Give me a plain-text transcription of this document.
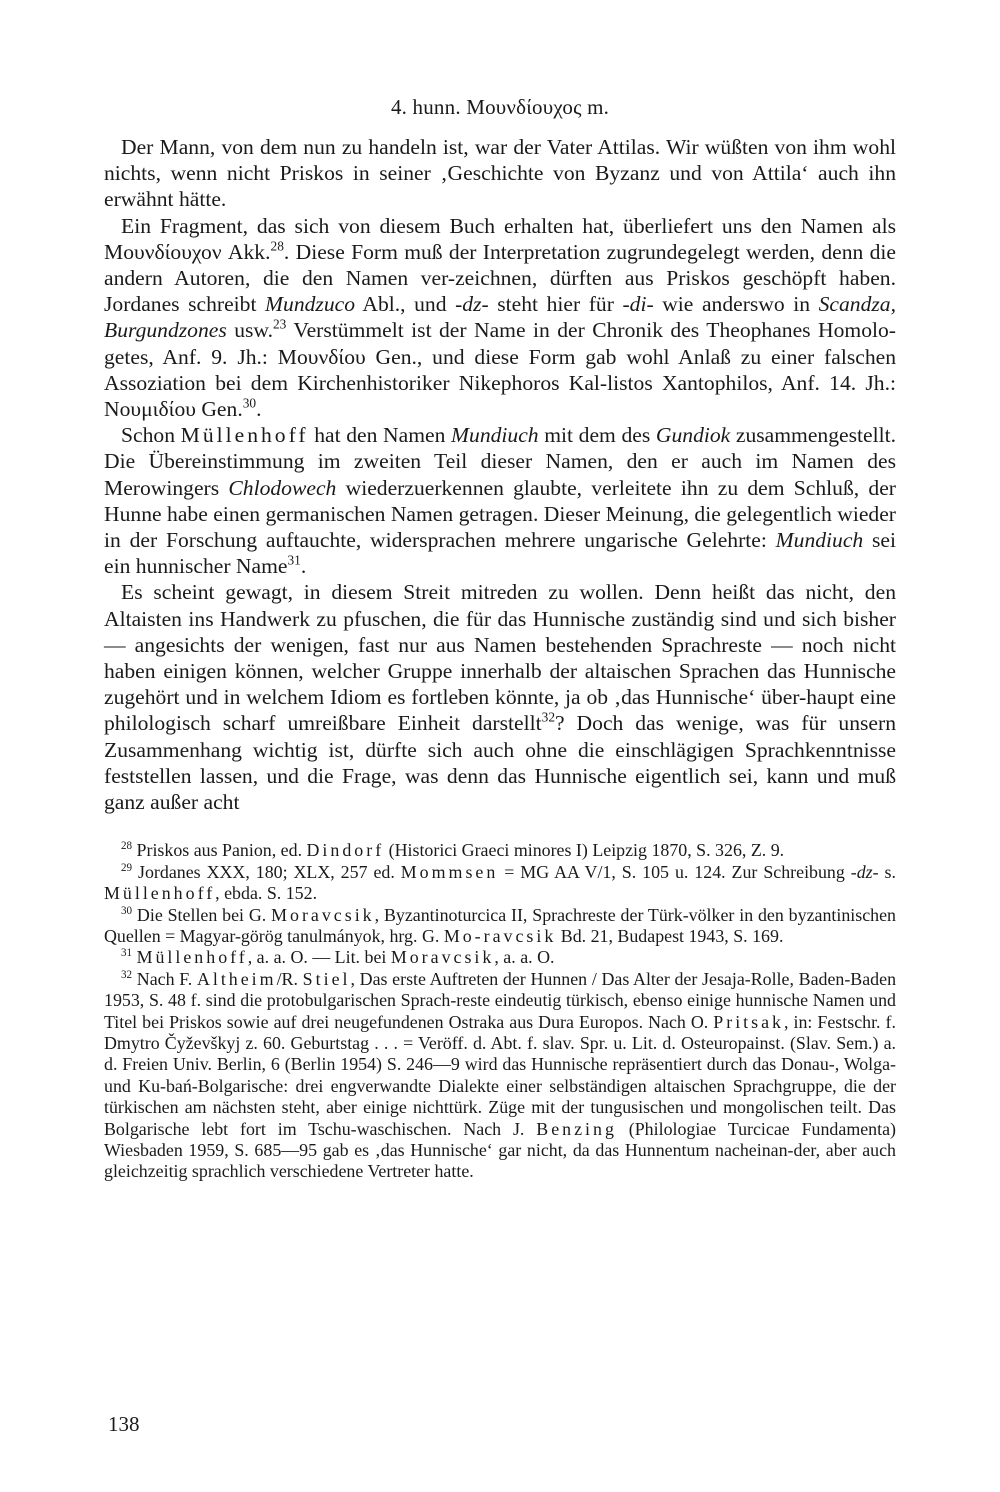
4. hunn. Μουνδίουχος m.

Der Mann, von dem nun zu handeln ist, war der Vater Attilas. Wir wüßten von ihm wohl nichts, wenn nicht Priskos in seiner ‚Geschichte von Byzanz und von Attila‘ auch ihn erwähnt hätte.

Ein Fragment, das sich von diesem Buch erhalten hat, überliefert uns den Namen als Μουνδίουχον Akk.$^{28}$. Diese Form muß der Interpretation zugrundegelegt werden, denn die andern Autoren, die den Namen ver-zeichnen, dürften aus Priskos geschöpft haben. Jordanes schreibt Mundzuco Abl., und -dz- steht hier für -di- wie anderswo in Scandza, Burgundzones usw.$^{23}$ Verstümmelt ist der Name in der Chronik des Theophanes Homolo-getes, Anf. 9. Jh.: Μουνδίου Gen., und diese Form gab wohl Anlaß zu einer falschen Assoziation bei dem Kirchenhistoriker Nikephoros Kal-listos Xantophilos, Anf. 14. Jh.: Νουμιδίου Gen.$^{30}$.

Schon Müllenhoff hat den Namen Mundiuch mit dem des Gundiok zusammengestellt. Die Übereinstimmung im zweiten Teil dieser Namen, den er auch im Namen des Merowingers Chlodowech wiederzuerkennen glaubte, verleitete ihn zu dem Schluß, der Hunne habe einen germanischen Namen getragen. Dieser Meinung, die gelegentlich wieder in der Forschung auftauchte, widersprachen mehrere ungarische Gelehrte: Mundiuch sei ein hunnischer Name$^{31}$.

Es scheint gewagt, in diesem Streit mitreden zu wollen. Denn heißt das nicht, den Altaisten ins Handwerk zu pfuschen, die für das Hunnische zuständig sind und sich bisher — angesichts der wenigen, fast nur aus Namen bestehenden Sprachreste — noch nicht haben einigen können, welcher Gruppe innerhalb der altaischen Sprachen das Hunnische zugehört und in welchem Idiom es fortleben könnte, ja ob ‚das Hunnische‘ über-haupt eine philologisch scharf umreißbare Einheit darstellt$^{32}$? Doch das wenige, was für unsern Zusammenhang wichtig ist, dürfte sich auch ohne die einschlägigen Sprachkenntnisse feststellen lassen, und die Frage, was denn das Hunnische eigentlich sei, kann und muß ganz außer acht

$^{28}$ Priskos aus Panion, ed. Dindorf (Historici Graeci minores I) Leipzig 1870, S. 326, Z. 9.

$^{29}$ Jordanes XXX, 180; XLX, 257 ed. Mommsen = MG AA V/1, S. 105 u. 124. Zur Schreibung -dz- s. Müllenhoff, ebda. S. 152.

$^{30}$ Die Stellen bei G. Moravcsik, Byzantinoturcica II, Sprachreste der Türk-völker in den byzantinischen Quellen = Magyar-görög tanulmányok, hrg. G. Mo-ravcsik Bd. 21, Budapest 1943, S. 169.

$^{31}$ Müllenhoff, a. a. O. — Lit. bei Moravcsik, a. a. O.

$^{32}$ Nach F. Altheim/R. Stiel, Das erste Auftreten der Hunnen / Das Alter der Jesaja-Rolle, Baden-Baden 1953, S. 48 f. sind die protobulgarischen Sprach-reste eindeutig türkisch, ebenso einige hunnische Namen und Titel bei Priskos sowie auf drei neugefundenen Ostraka aus Dura Europos. Nach O. Pritsak, in: Festschr. f. Dmytro Čyževškyj z. 60. Geburtstag . . . = Veröff. d. Abt. f. slav. Spr. u. Lit. d. Osteuropainst. (Slav. Sem.) a. d. Freien Univ. Berlin, 6 (Berlin 1954) S. 246—9 wird das Hunnische repräsentiert durch das Donau-, Wolga- und Ku-bań-Bolgarische: drei engverwandte Dialekte einer selbständigen altaischen Sprachgruppe, die der türkischen am nächsten steht, aber einige nichttürk. Züge mit der tungusischen und mongolischen teilt. Das Bolgarische lebt fort im Tschu-waschischen. Nach J. Benzing (Philologiae Turcicae Fundamenta) Wiesbaden 1959, S. 685—95 gab es ‚das Hunnische‘ gar nicht, da das Hunnentum nacheinan-der, aber auch gleichzeitig sprachlich verschiedene Vertreter hatte.

138
